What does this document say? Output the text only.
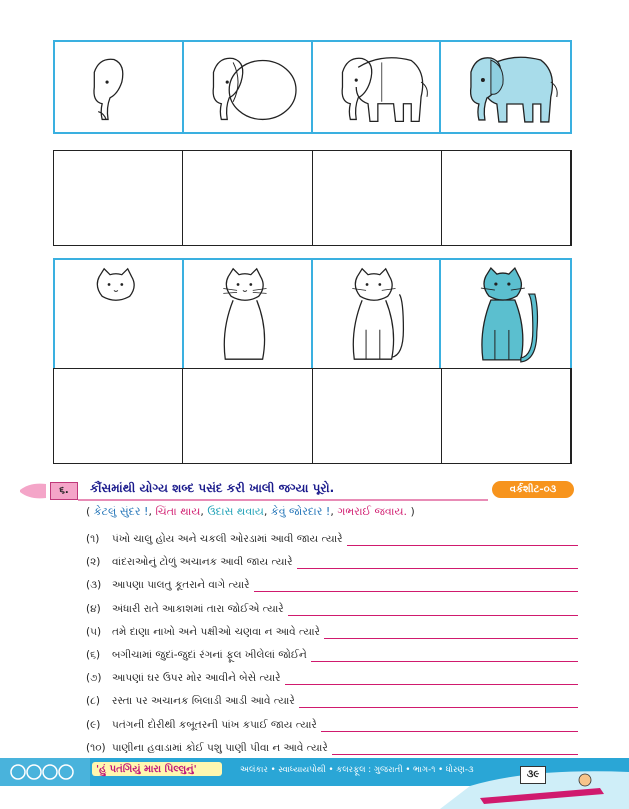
૬.	કૌંસમાંથી યોગ્ય શબ્દ પસંદ કરી ખાલી જગ્યા પૂરો.	વર્કશીટ-૦૩
( કેટલું સુંદર !, ચિંતા થાય, ઉદાસ થવાય, કેવું જોરદાર !, ગભરાઈ જવાય. )
(૧)	પંખો ચાલુ હોય અને ચકલી ઓરડામાં આવી જાય ત્યારે
(૨)	વાંદરાઓનું ટોળું અચાનક આવી જાય ત્યારે
(૩)	આપણા પાલતુ કૂતરાને વાગે ત્યારે
(૪)	અંધારી રાતે આકાશમાં તારા જોઈએ ત્યારે
(૫)	તમે દાણા નાખો અને પક્ષીઓ ચણવા ન આવે ત્યારે
(૬)	બગીચામાં જુદાં-જુદાં રંગનાં ફૂલ ખીલેલાં જોઈને
(૭)	આપણાં ઘર ઉપર મોર આવીને બેસે ત્યારે
(૮)	રસ્તા પર અચાનક બિલાડી આડી આવે ત્યારે
(૯)	પતંગની દોરીથી કબૂતરની પાંખ કપાઈ જાય ત્યારે
(૧૦) પાણીના હવાડામાં કોઈ પશુ પાણી પીવા ન આવે ત્યારે
'હું પતંગિયું મારા પિલ્લુનું'	અલંકાર • સ્વાધ્યાયપોથી • કલરફૂલ : ગુજરાતી • ભાગ-૧ • ધોરણ-૩	૩૯
